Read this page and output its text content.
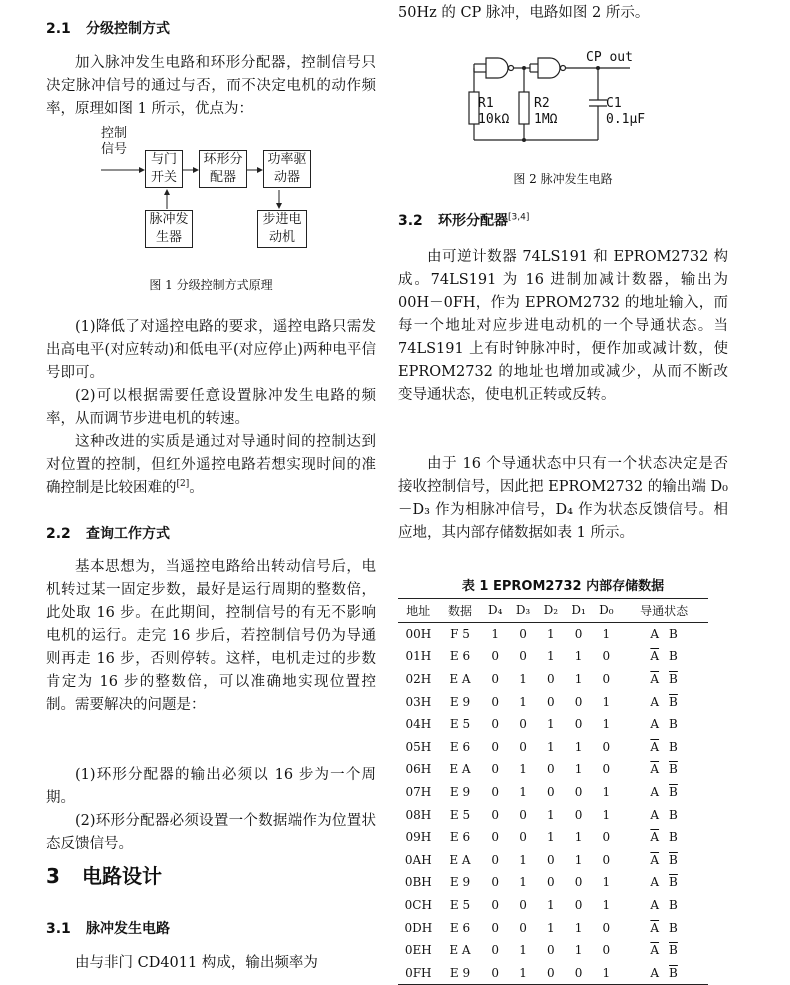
2.1 分级控制方式
加入脉冲发生电路和环形分配器，控制信号只决定脉冲信号的通过与否，而不决定电机的动作频率，原理如图 1 所示，优点为：
控制信号
与门开关
环形分配器
功率驱动器
脉冲发生器
步进电动机
图 1 分级控制方式原理
(1)降低了对遥控电路的要求，遥控电路只需发出高电平(对应转动)和低电平(对应停止)两种电平信号即可。
(2)可以根据需要任意设置脉冲发生电路的频率，从而调节步进电机的转速。
这种改进的实质是通过对导通时间的控制达到对位置的控制，但红外遥控电路若想实现时间的准确控制是比较困难的[2]。
2.2 查询工作方式
基本思想为，当遥控电路给出转动信号后，电机转过某一固定步数，最好是运行周期的整数倍，此处取 16 步。在此期间，控制信号的有无不影响电机的运行。走完 16 步后，若控制信号仍为导通则再走 16 步，否则停转。这样，电机走过的步数肯定为 16 步的整数倍，可以准确地实现位置控制。需要解决的问题是：
(1)环形分配器的输出必须以 16 步为一个周期。
(2)环形分配器必须设置一个数据端作为位置状态反馈信号。
3 电路设计
3.1 脉冲发生电路
由与非门 CD4011 构成，输出频率为
50Hz 的 CP 脉冲，电路如图 2 所示。
CP out
R1
10kΩ
R2
1MΩ
C1
0.1μF
图 2 脉冲发生电路
3.2 环形分配器[3,4]
由可逆计数器 74LS191 和 EPROM2732 构成。74LS191 为 16 进制加减计数器，输出为 00H－0FH，作为 EPROM2732 的地址输入，而每一个地址对应步进电动机的一个导通状态。当 74LS191 上有时钟脉冲时，便作加或减计数，使 EPROM2732 的地址也增加或减少，从而不断改变导通状态，使电机正转或反转。
由于 16 个导通状态中只有一个状态决定是否接收控制信号，因此把 EPROM2732 的输出端 D₀－D₃ 作为相脉冲信号，D₄ 作为状态反馈信号。相应地，其内部存储数据如表 1 所示。
表 1 EPROM2732 内部存储数据
地址	数据	D₄	D₃	D₂	D₁	D₀	导通状态
00H	F 5	1	0	1	0	1	A B
01H	E 6	0	0	1	1	0	$\overline{A}$ B
02H	E A	0	1	0	1	0	$\overline{A}$ $\overline{B}$
03H	E 9	0	1	0	0	1	A $\overline{B}$
04H	E 5	0	0	1	0	1	A B
05H	E 6	0	0	1	1	0	$\overline{A}$ B
06H	E A	0	1	0	1	0	$\overline{A}$ $\overline{B}$
07H	E 9	0	1	0	0	1	A $\overline{B}$
08H	E 5	0	0	1	0	1	A B
09H	E 6	0	0	1	1	0	$\overline{A}$ B
0AH	E A	0	1	0	1	0	$\overline{A}$ $\overline{B}$
0BH	E 9	0	1	0	0	1	A $\overline{B}$
0CH	E 5	0	0	1	0	1	A B
0DH	E 6	0	0	1	1	0	$\overline{A}$ B
0EH	E A	0	1	0	1	0	$\overline{A}$ $\overline{B}$
0FH	E 9	0	1	0	0	1	A $\overline{B}$
